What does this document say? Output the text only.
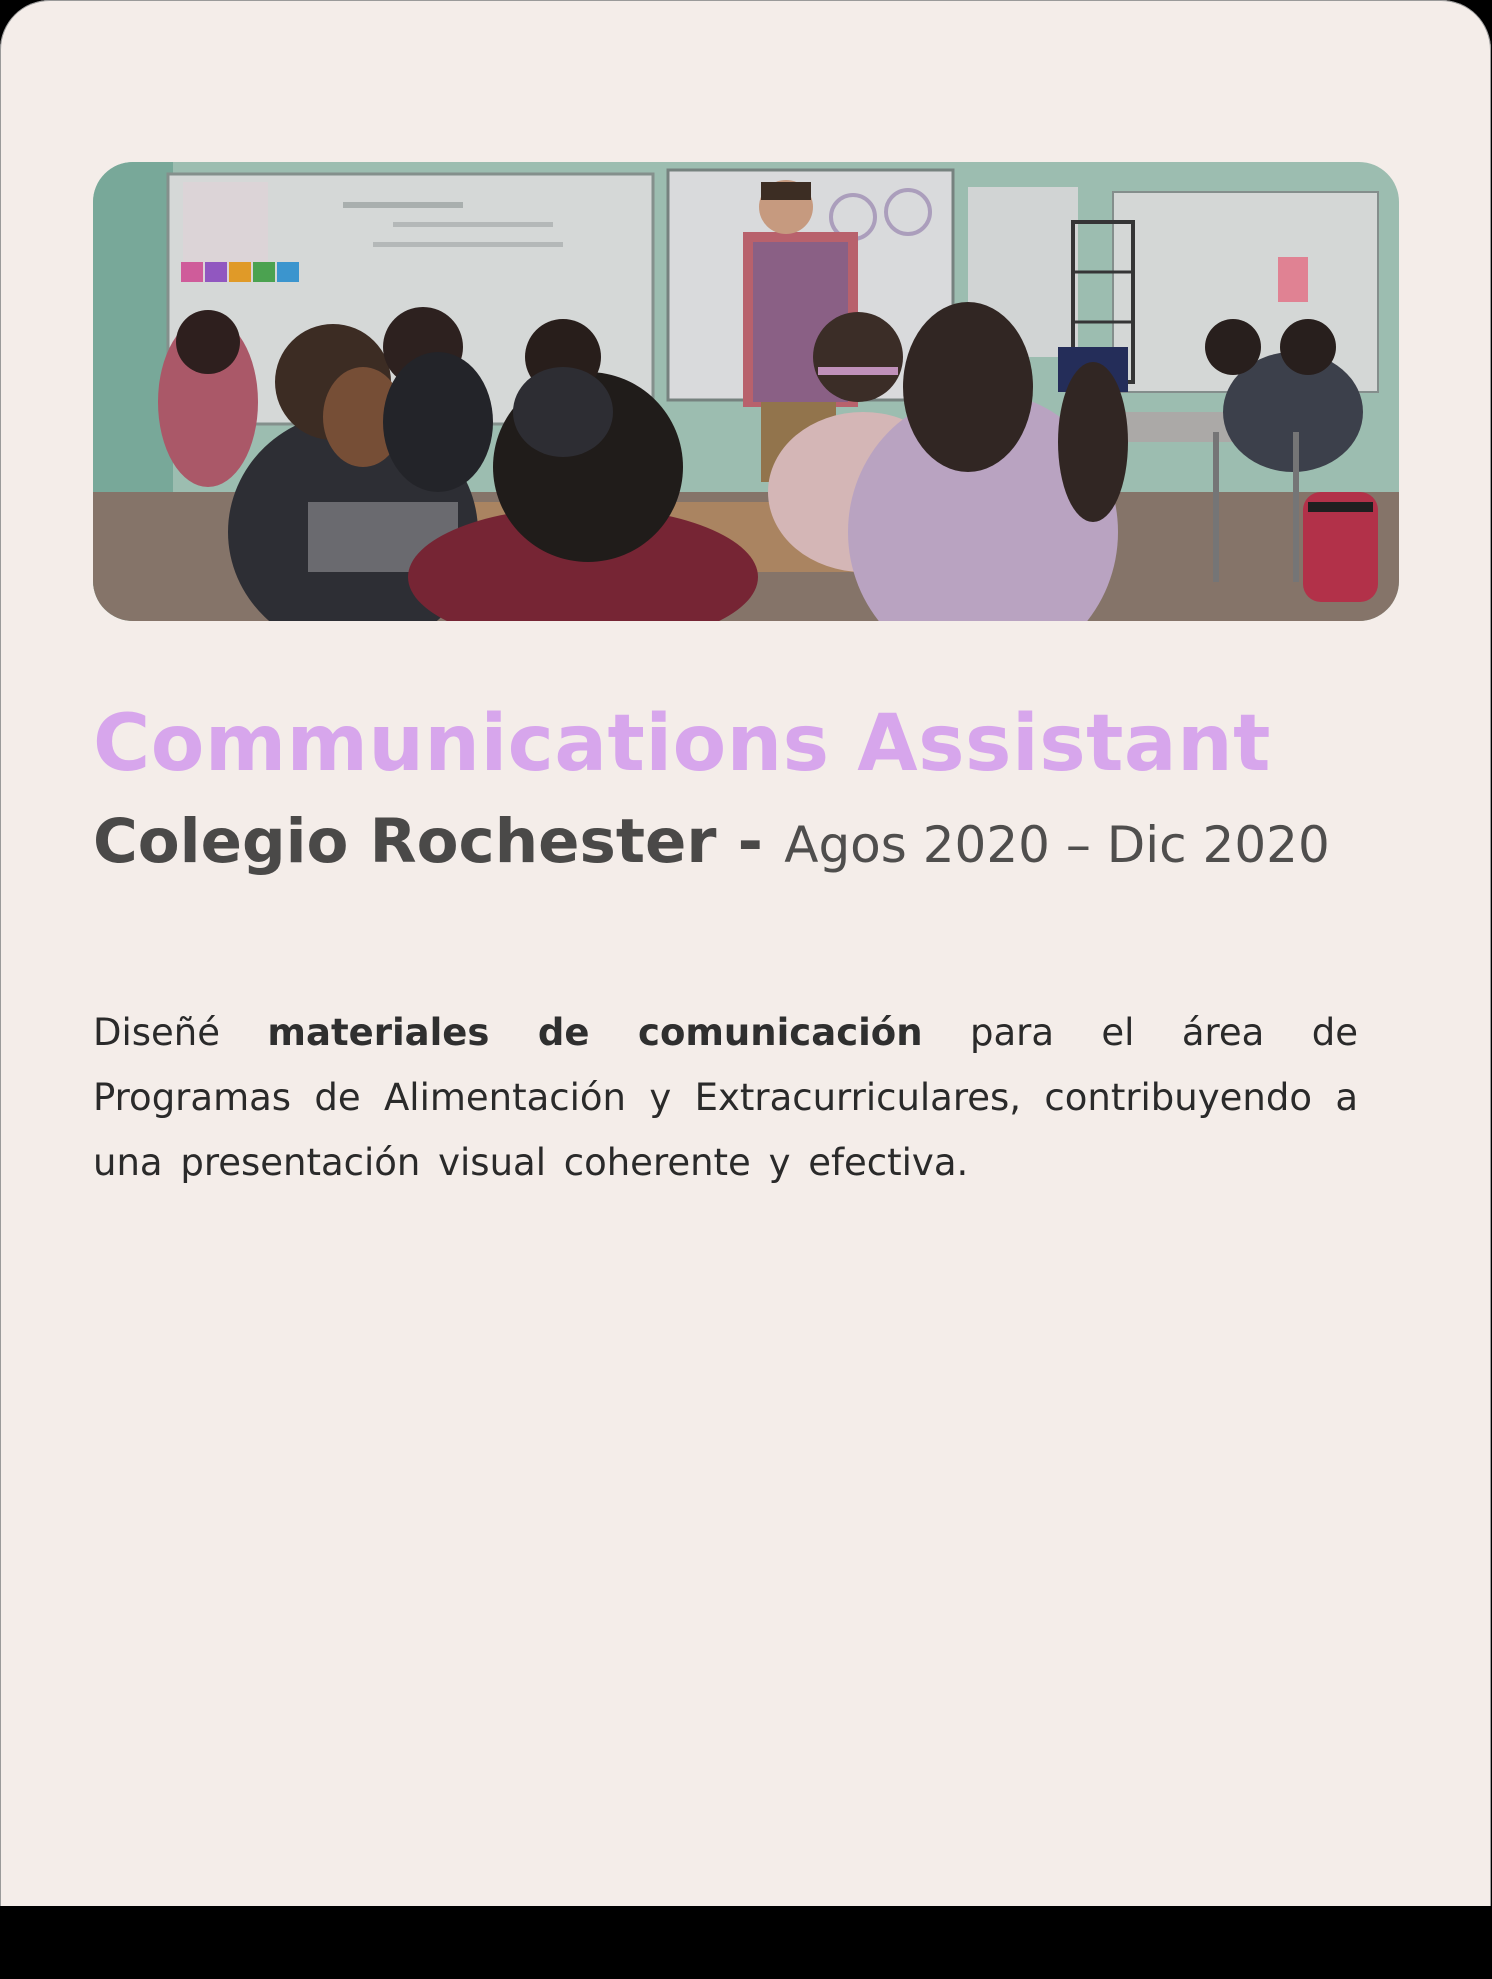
Communications Assistant
Colegio Rochester - Agos 2020 – Dic 2020

Diseñé materiales de comunicación para el área de Programas de Alimentación y Extracurriculares, contribuyendo a una presentación visual coherente y efectiva.
